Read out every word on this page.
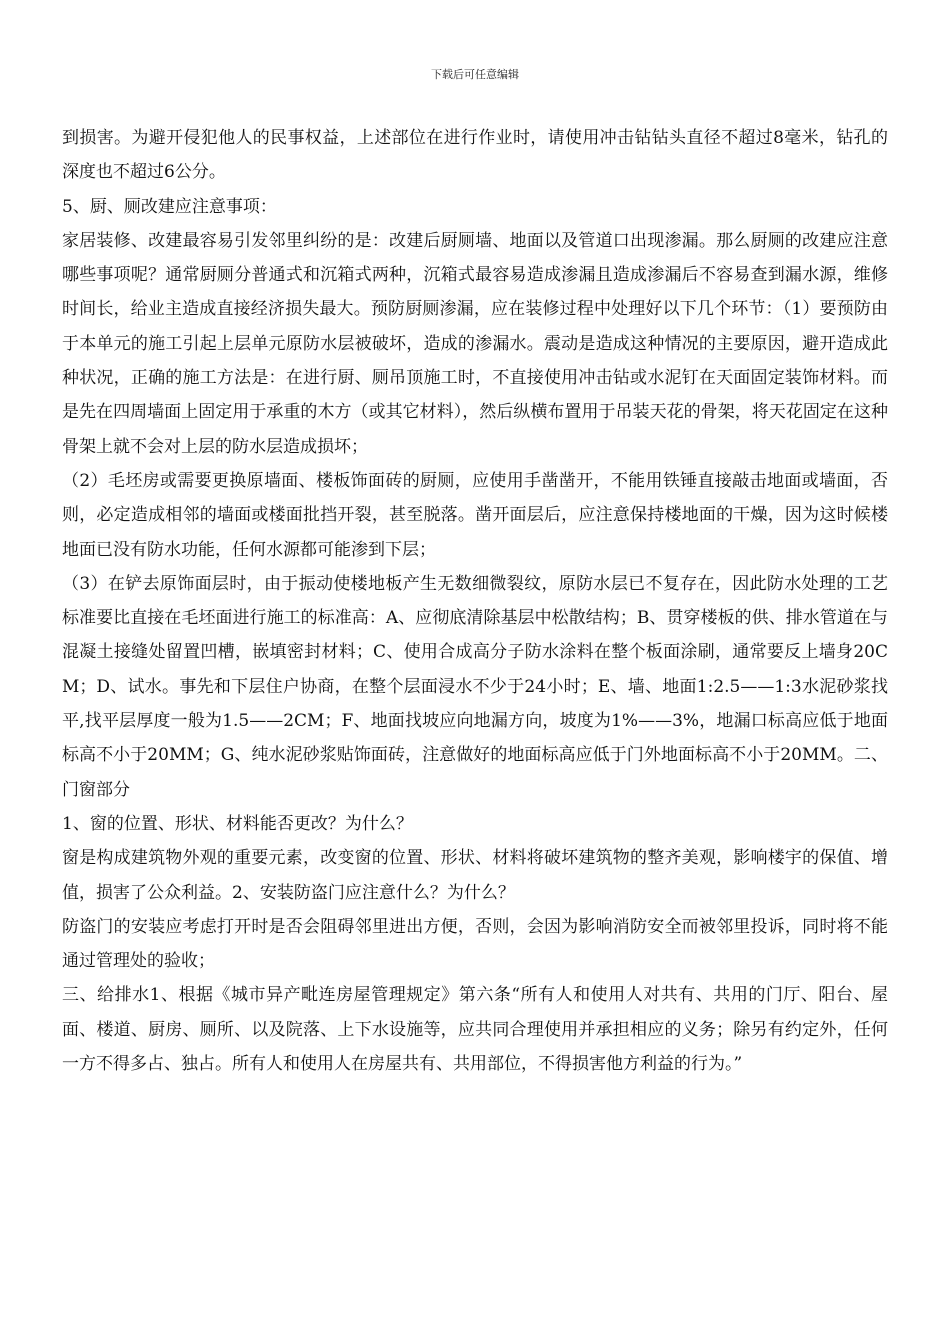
下载后可任意编辑

到损害。为避开侵犯他人的民事权益，上述部位在进行作业时，请使用冲击钻钻头直径不超过8毫米，钻孔的深度也不超过6公分。

5、厨、厕改建应注意事项：

家居装修、改建最容易引发邻里纠纷的是：改建后厨厕墙、地面以及管道口出现渗漏。那么厨厕的改建应注意哪些事项呢？通常厨厕分普通式和沉箱式两种，沉箱式最容易造成渗漏且造成渗漏后不容易查到漏水源，维修时间长，给业主造成直接经济损失最大。预防厨厕渗漏，应在装修过程中处理好以下几个环节：（1）要预防由于本单元的施工引起上层单元原防水层被破坏，造成的渗漏水。震动是造成这种情况的主要原因，避开造成此种状况，正确的施工方法是：在进行厨、厕吊顶施工时，不直接使用冲击钻或水泥钉在天面固定装饰材料。而是先在四周墙面上固定用于承重的木方（或其它材料），然后纵横布置用于吊装天花的骨架，将天花固定在这种骨架上就不会对上层的防水层造成损坏；

（2）毛坯房或需要更换原墙面、楼板饰面砖的厨厕，应使用手凿凿开，不能用铁锤直接敲击地面或墙面，否则，必定造成相邻的墙面或楼面批挡开裂，甚至脱落。凿开面层后，应注意保持楼地面的干燥，因为这时候楼地面已没有防水功能，任何水源都可能渗到下层；

（3）在铲去原饰面层时，由于振动使楼地板产生无数细微裂纹，原防水层已不复存在，因此防水处理的工艺标准要比直接在毛坯面进行施工的标准高：A、应彻底清除基层中松散结构；B、贯穿楼板的供、排水管道在与混凝土接缝处留置凹槽，嵌填密封材料；C、使用合成高分子防水涂料在整个板面涂刷，通常要反上墙身20CM；D、试水。事先和下层住户协商，在整个层面浸水不少于24小时；E、墙、地面1:2.5——1:3水泥砂浆找平,找平层厚度一般为1.5——2CM；F、地面找坡应向地漏方向，坡度为1%——3%，地漏口标高应低于地面标高不小于20MM；G、纯水泥砂浆贴饰面砖，注意做好的地面标高应低于门外地面标高不小于20MM。二、门窗部分

1、窗的位置、形状、材料能否更改？为什么？

窗是构成建筑物外观的重要元素，改变窗的位置、形状、材料将破坏建筑物的整齐美观，影响楼宇的保值、增值，损害了公众利益。2、安装防盗门应注意什么？为什么？

防盗门的安装应考虑打开时是否会阻碍邻里进出方便，否则，会因为影响消防安全而被邻里投诉，同时将不能通过管理处的验收；

三、给排水1、根据《城市异产毗连房屋管理规定》第六条“所有人和使用人对共有、共用的门厅、阳台、屋面、楼道、厨房、厕所、以及院落、上下水设施等，应共同合理使用并承担相应的义务；除另有约定外，任何一方不得多占、独占。所有人和使用人在房屋共有、共用部位，不得损害他方利益的行为。”
